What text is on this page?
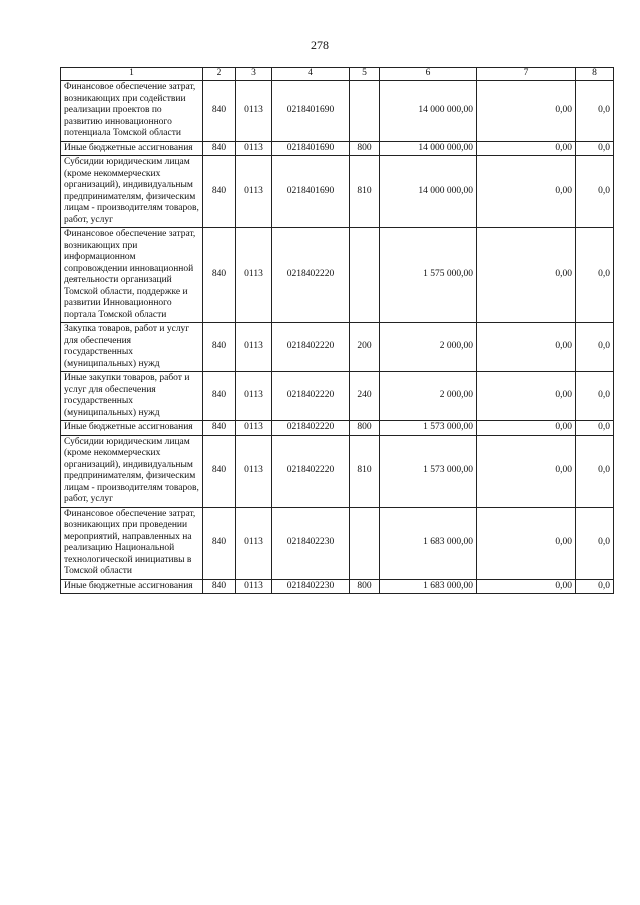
278
1	2	3	4	5	6	7	8
Финансовое обеспечение затрат, возникающих при содействии реализации проектов по развитию инновационного потенциала Томской области	840	0113	0218401690		14 000 000,00	0,00	0,0
Иные бюджетные ассигнования	840	0113	0218401690	800	14 000 000,00	0,00	0,0
Субсидии юридическим лицам (кроме некоммерческих организаций), индивидуальным предпринимателям, физическим лицам - производителям товаров, работ, услуг	840	0113	0218401690	810	14 000 000,00	0,00	0,0
Финансовое обеспечение затрат, возникающих при информационном сопровождении инновационной деятельности организаций Томской области, поддержке и развитии Инновационного портала Томской области	840	0113	0218402220		1 575 000,00	0,00	0,0
Закупка товаров, работ и услуг для обеспечения государственных (муниципальных) нужд	840	0113	0218402220	200	2 000,00	0,00	0,0
Иные закупки товаров, работ и услуг для обеспечения государственных (муниципальных) нужд	840	0113	0218402220	240	2 000,00	0,00	0,0
Иные бюджетные ассигнования	840	0113	0218402220	800	1 573 000,00	0,00	0,0
Субсидии юридическим лицам (кроме некоммерческих организаций), индивидуальным предпринимателям, физическим лицам - производителям товаров, работ, услуг	840	0113	0218402220	810	1 573 000,00	0,00	0,0
Финансовое обеспечение затрат, возникающих при проведении мероприятий, направленных на реализацию Национальной технологической инициативы в Томской области	840	0113	0218402230		1 683 000,00	0,00	0,0
Иные бюджетные ассигнования	840	0113	0218402230	800	1 683 000,00	0,00	0,0
